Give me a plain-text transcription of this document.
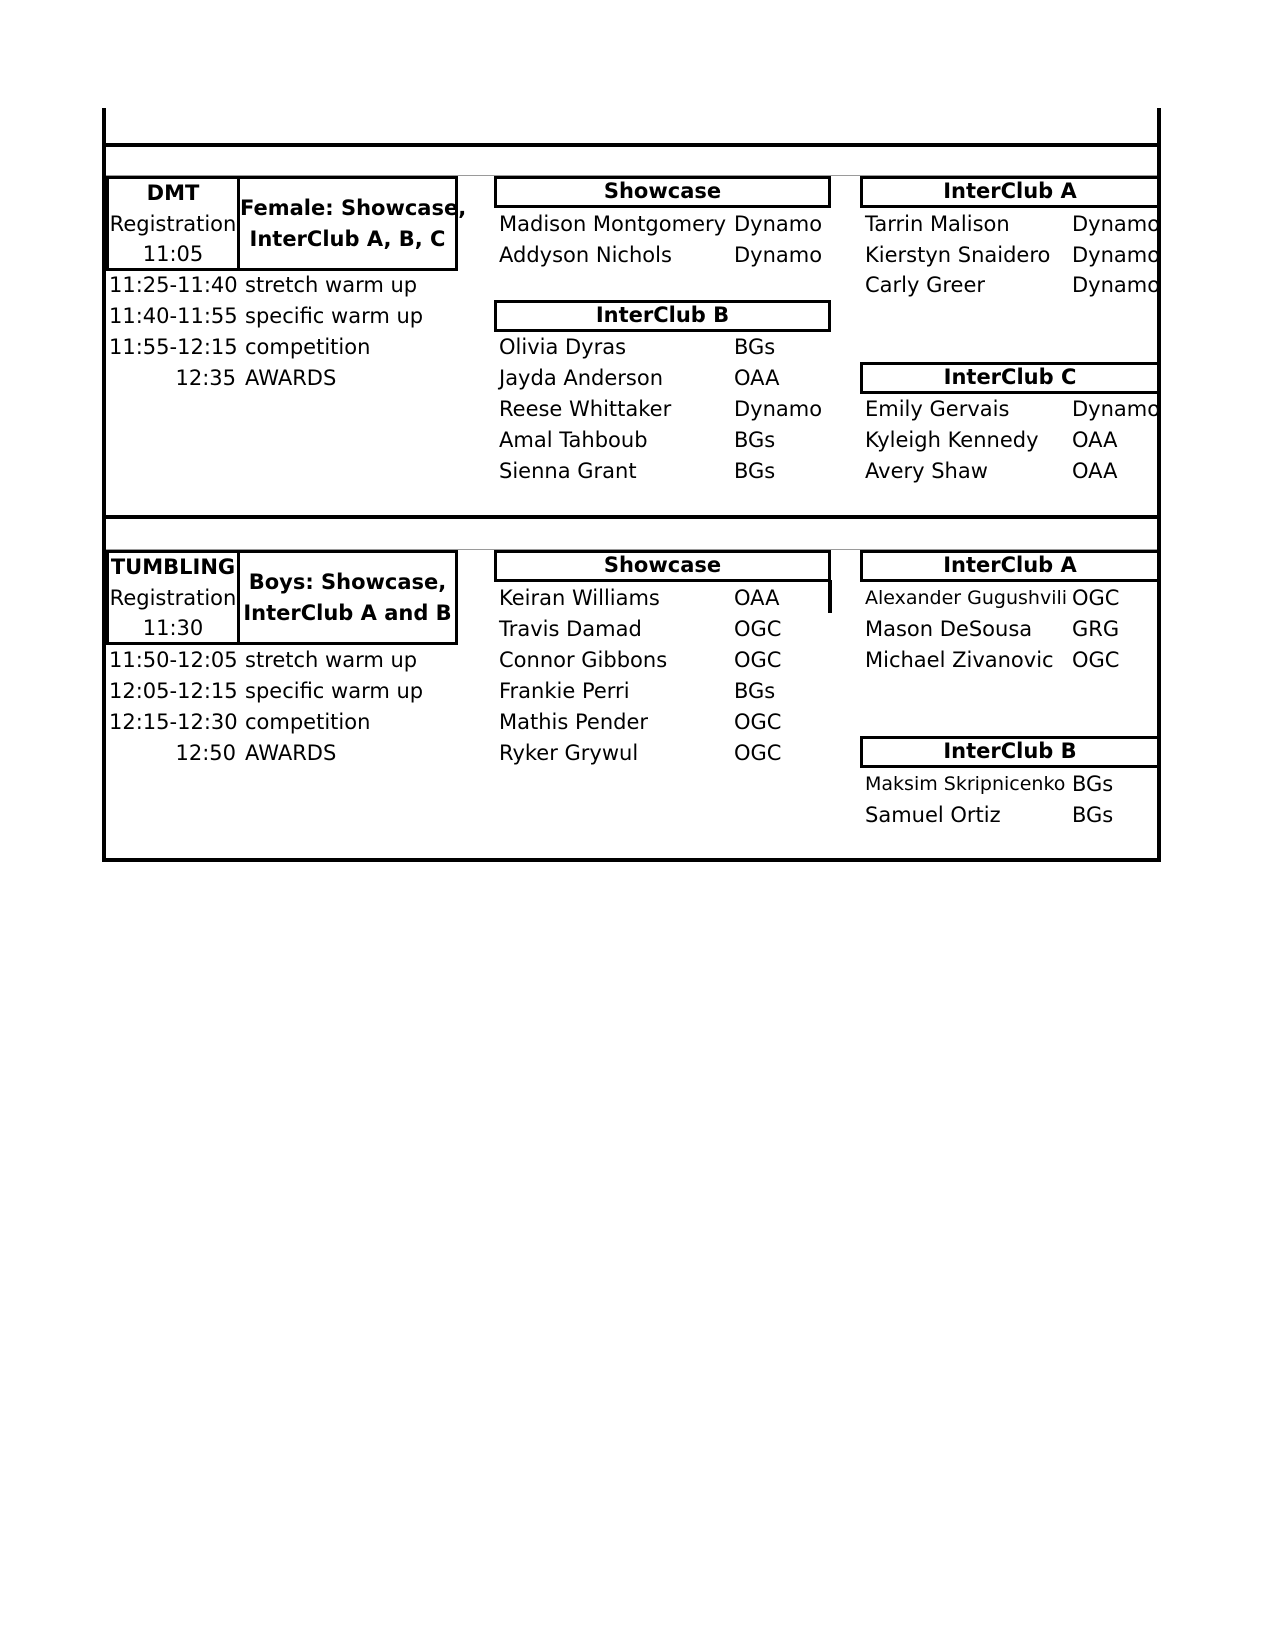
DMT
Registration
11:05
Female: Showcase,
InterClub A, B, C
11:25-11:40 stretch warm up
11:40-11:55 specific warm up
11:55-12:15 competition
12:35 AWARDS
Showcase
Madison Montgomery Dynamo
Addyson Nichols	Dynamo
InterClub B
Olivia Dyras	BGs
Jayda Anderson	OAA
Reese Whittaker	Dynamo
Amal Tahboub	BGs
Sienna Grant	BGs
InterClub A
Tarrin Malison	Dynamo
Kierstyn Snaidero Dynamo
Carly Greer	Dynamo
InterClub C
Emily Gervais	Dynamo
Kyleigh Kennedy OAA
Avery Shaw	OAA
TUMBLING
Registration
11:30
Boys: Showcase,
InterClub A and B
11:50-12:05 stretch warm up
12:05-12:15 specific warm up
12:15-12:30 competition
12:50 AWARDS
Showcase
Keiran Williams	OAA
Travis Damad	OGC
Connor Gibbons	OGC
Frankie Perri	BGs
Mathis Pender	OGC
Ryker Grywul	OGC
InterClub A
Alexander Gugushvili OGC
Mason DeSousa GRG
Michael Zivanovic OGC
InterClub B
Maksim Skripnicenko BGs
Samuel Ortiz	BGs
